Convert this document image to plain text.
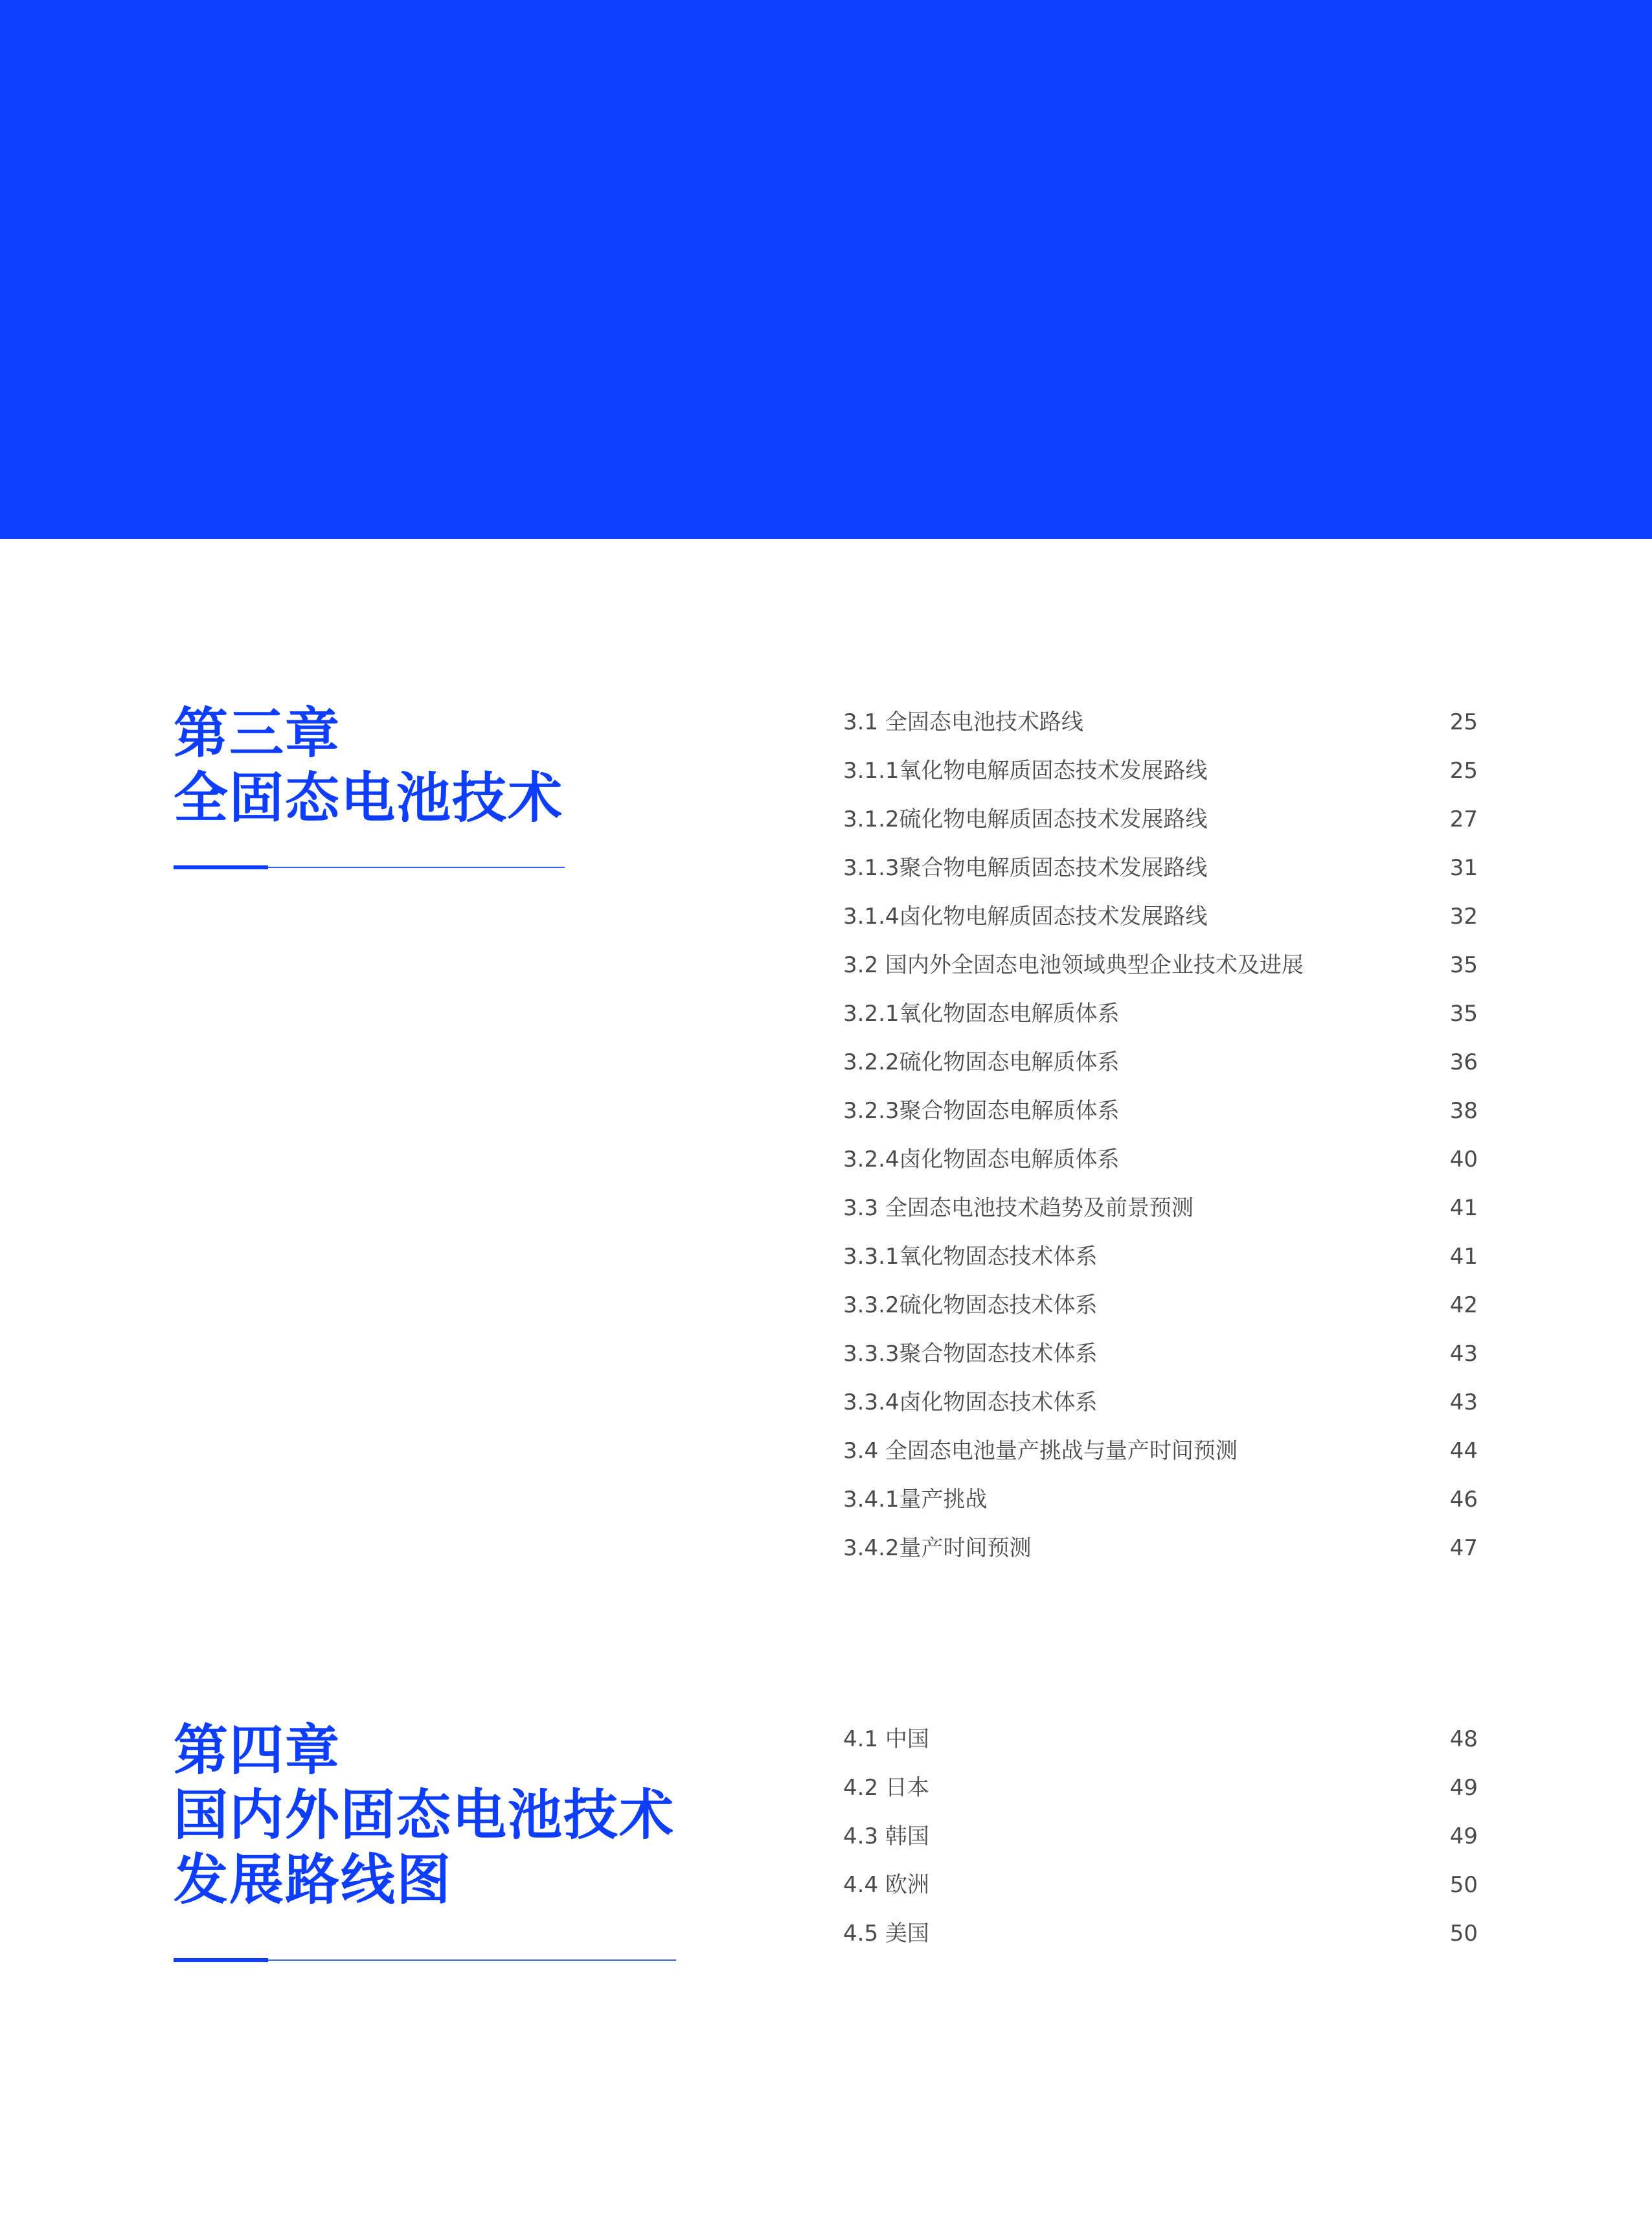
第三章
全固态电池技术
3.1 全固态电池技术路线	25
3.1.1氧化物电解质固态技术发展路线	25
3.1.2硫化物电解质固态技术发展路线	27
3.1.3聚合物电解质固态技术发展路线	31
3.1.4卤化物电解质固态技术发展路线	32
3.2 国内外全固态电池领域典型企业技术及进展	35
3.2.1氧化物固态电解质体系	35
3.2.2硫化物固态电解质体系	36
3.2.3聚合物固态电解质体系	38
3.2.4卤化物固态电解质体系	40
3.3 全固态电池技术趋势及前景预测	41
3.3.1氧化物固态技术体系	41
3.3.2硫化物固态技术体系	42
3.3.3聚合物固态技术体系	43
3.3.4卤化物固态技术体系	43
3.4 全固态电池量产挑战与量产时间预测	44
3.4.1量产挑战	46
3.4.2量产时间预测	47
第四章
国内外固态电池技术
发展路线图
4.1 中国	48
4.2 日本	49
4.3 韩国	49
4.4 欧洲	50
4.5 美国	50
